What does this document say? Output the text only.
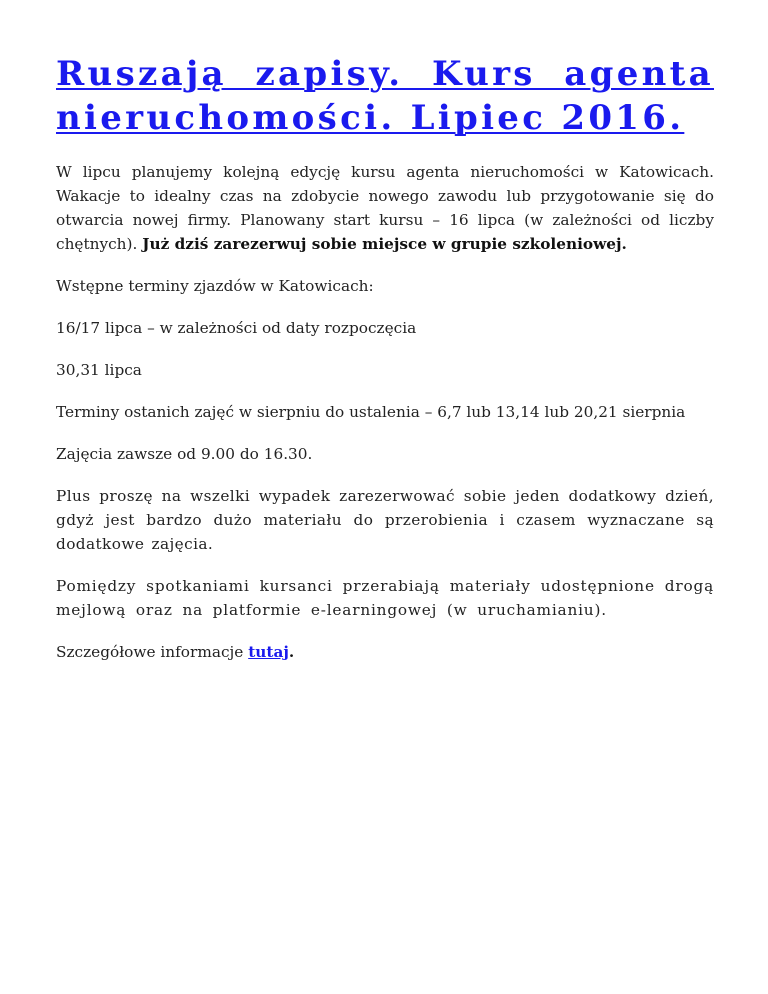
Ruszają zapisy. Kurs agenta nieruchomości. Lipiec 2016.

W lipcu planujemy kolejną edycję kursu agenta nieruchomości w Katowicach. Wakacje to idealny czas na zdobycie nowego zawodu lub przygotowanie się do otwarcia nowej firmy. Planowany start kursu – 16 lipca (w zależności od liczby chętnych). Już dziś zarezerwuj sobie miejsce w grupie szkoleniowej.

Wstępne terminy zjazdów w Katowicach:

16/17 lipca – w zależności od daty rozpoczęcia

30,31 lipca

Terminy ostanich zajęć w sierpniu do ustalenia – 6,7 lub 13,14 lub 20,21 sierpnia

Zajęcia zawsze od 9.00 do 16.30.

Plus proszę na wszelki wypadek zarezerwować sobie jeden dodatkowy dzień, gdyż jest bardzo dużo materiału do przerobienia i czasem wyznaczane są dodatkowe zajęcia.

Pomiędzy spotkaniami kursanci przerabiają materiały udostępnione drogą mejlową oraz na platformie e-learningowej (w uruchamianiu).

Szczegółowe informacje tutaj.
